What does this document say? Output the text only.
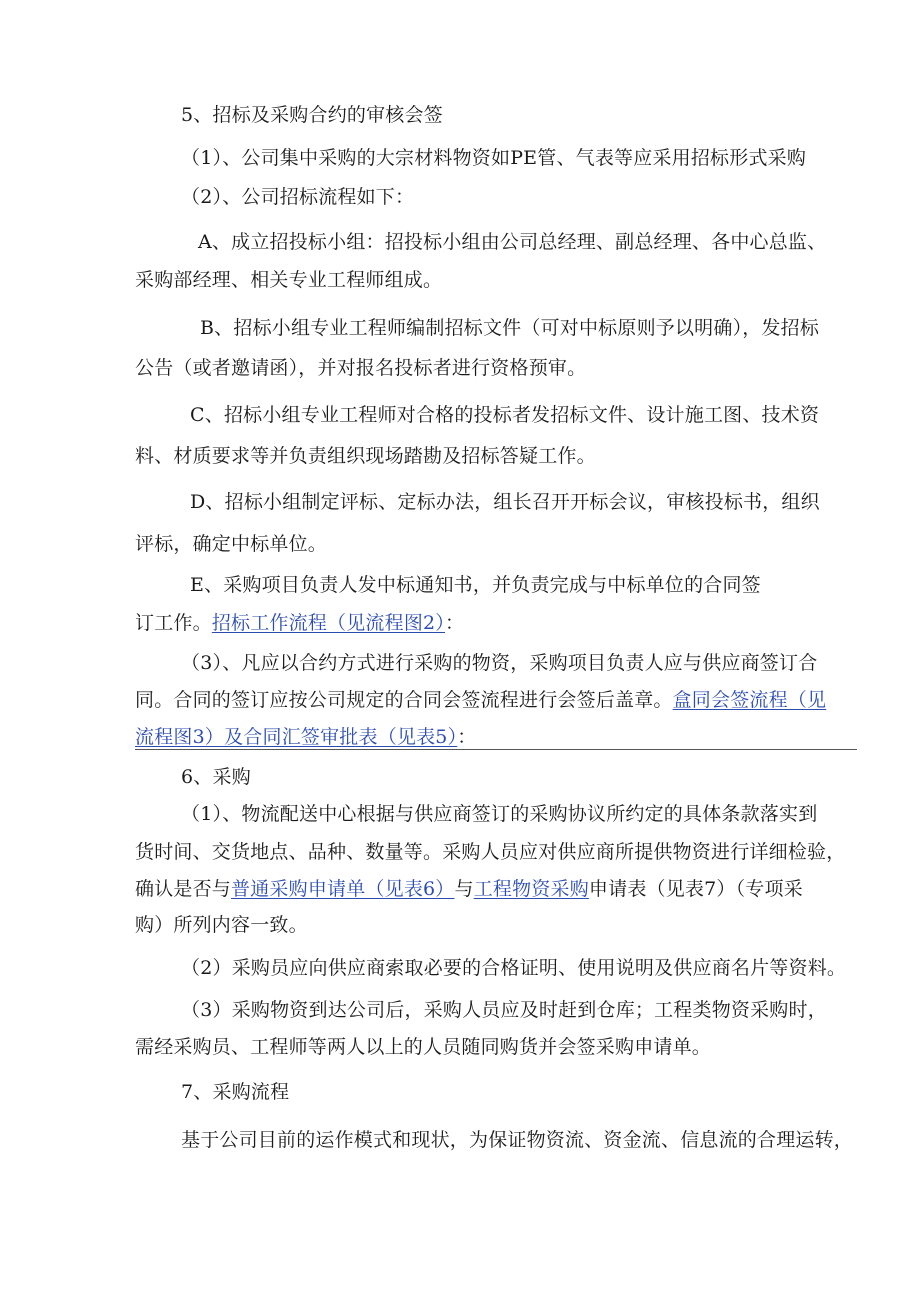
5、招标及采购合约的审核会签
（1）、公司集中采购的大宗材料物资如PE管、气表等应采用招标形式采购
（2）、公司招标流程如下：
A、成立招投标小组：招投标小组由公司总经理、副总经理、各中心总监、
采购部经理、相关专业工程师组成。
B、招标小组专业工程师编制招标文件（可对中标原则予以明确），发招标
公告（或者邀请函），并对报名投标者进行资格预审。
C、招标小组专业工程师对合格的投标者发招标文件、设计施工图、技术资
料、材质要求等并负责组织现场踏勘及招标答疑工作。
D、招标小组制定评标、定标办法，组长召开开标会议，审核投标书，组织
评标，确定中标单位。
E、采购项目负责人发中标通知书，并负责完成与中标单位的合同签
订工作。招标工作流程（见流程图2）：
（3）、凡应以合约方式进行采购的物资，采购项目负责人应与供应商签订合
同。合同的签订应按公司规定的合同会签流程进行会签后盖章。盒同会签流程（见
流程图3）及合同汇签审批表（见表5）：
6、采购
（1）、物流配送中心根据与供应商签订的采购协议所约定的具体条款落实到
货时间、交货地点、品种、数量等。采购人员应对供应商所提供物资进行详细检验，
确认是否与普通采购申请单（见表6）与工程物资采购申请表（见表7）（专项采
购）所列内容一致。
（2）采购员应向供应商索取必要的合格证明、使用说明及供应商名片等资料。
（3）采购物资到达公司后，采购人员应及时赶到仓库；工程类物资采购时，
需经采购员、工程师等两人以上的人员随同购货并会签采购申请单。
7、采购流程
基于公司目前的运作模式和现状，为保证物资流、资金流、信息流的合理运转，
